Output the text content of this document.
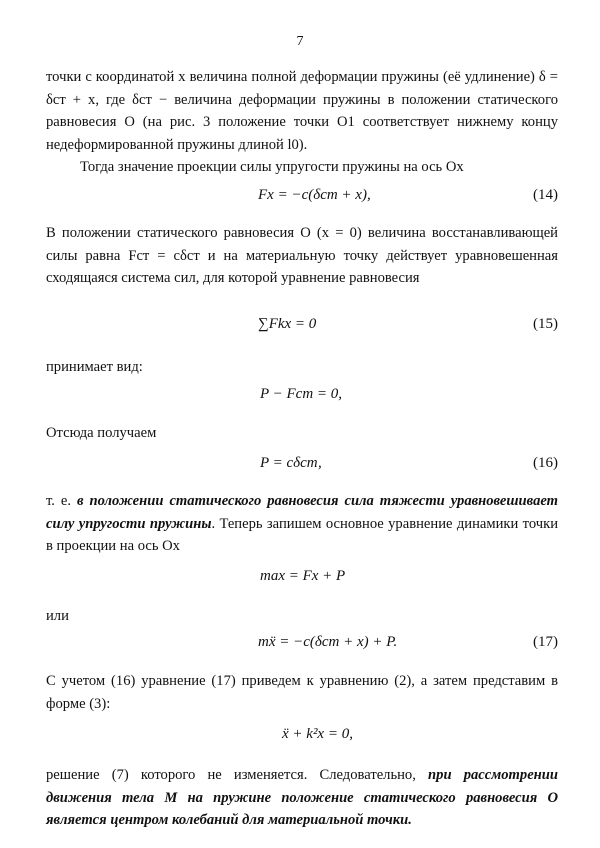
7
точки с координатой x величина полной деформации пружины (её удлинение) δ = δст + x, где δст − величина деформации пружины в положении статического равновесия O (на рис. 3 положение точки O1 соответствует нижнему концу недеформированной пружины длиной l0).
Тогда значение проекции силы упругости пружины на ось Ox
Fx = −c(δст + x),	(14)
В положении статического равновесия O (x = 0) величина восстанавливающей силы равна Fст = cδст и на материальную точку действует уравновешенная сходящаяся система сил, для которой уравнение равновесия
∑Fkx = 0	(15)
принимает вид:
P − Fст = 0,
Отсюда получаем
P = cδст,	(16)
т. е. в положении статического равновесия сила тяжести уравновешивает силу упругости пружины. Теперь запишем основное уравнение динамики точки в проекции на ось Ox
max = Fx + P
или
mẍ = −c(δст + x) + P.	(17)
С учетом (16) уравнение (17) приведем к уравнению (2), а затем представим в форме (3):
ẍ + k²x = 0,
решение (7) которого не изменяется. Следовательно, при рассмотрении движения тела M на пружине положение статического равновесия O является центром колебаний для материальной точки.
